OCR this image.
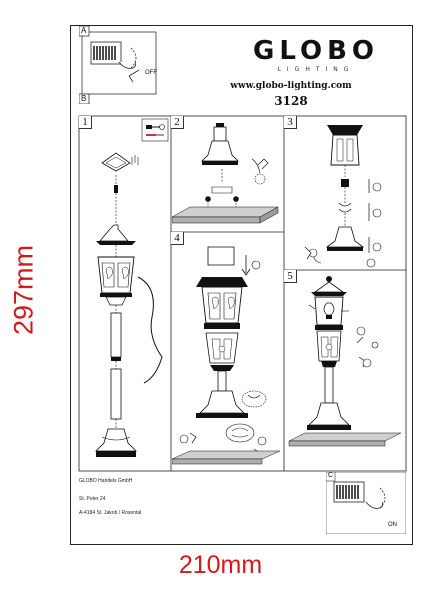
297mm
210mm
A
B
OFF
GLOBO
LIGHTING
www.globo-lighting.com
3128
1	2	3
4
5
GLOBO Handels GmbH
St. Peter 24
A-4184 St. Jakob / Rosental
ON
C
